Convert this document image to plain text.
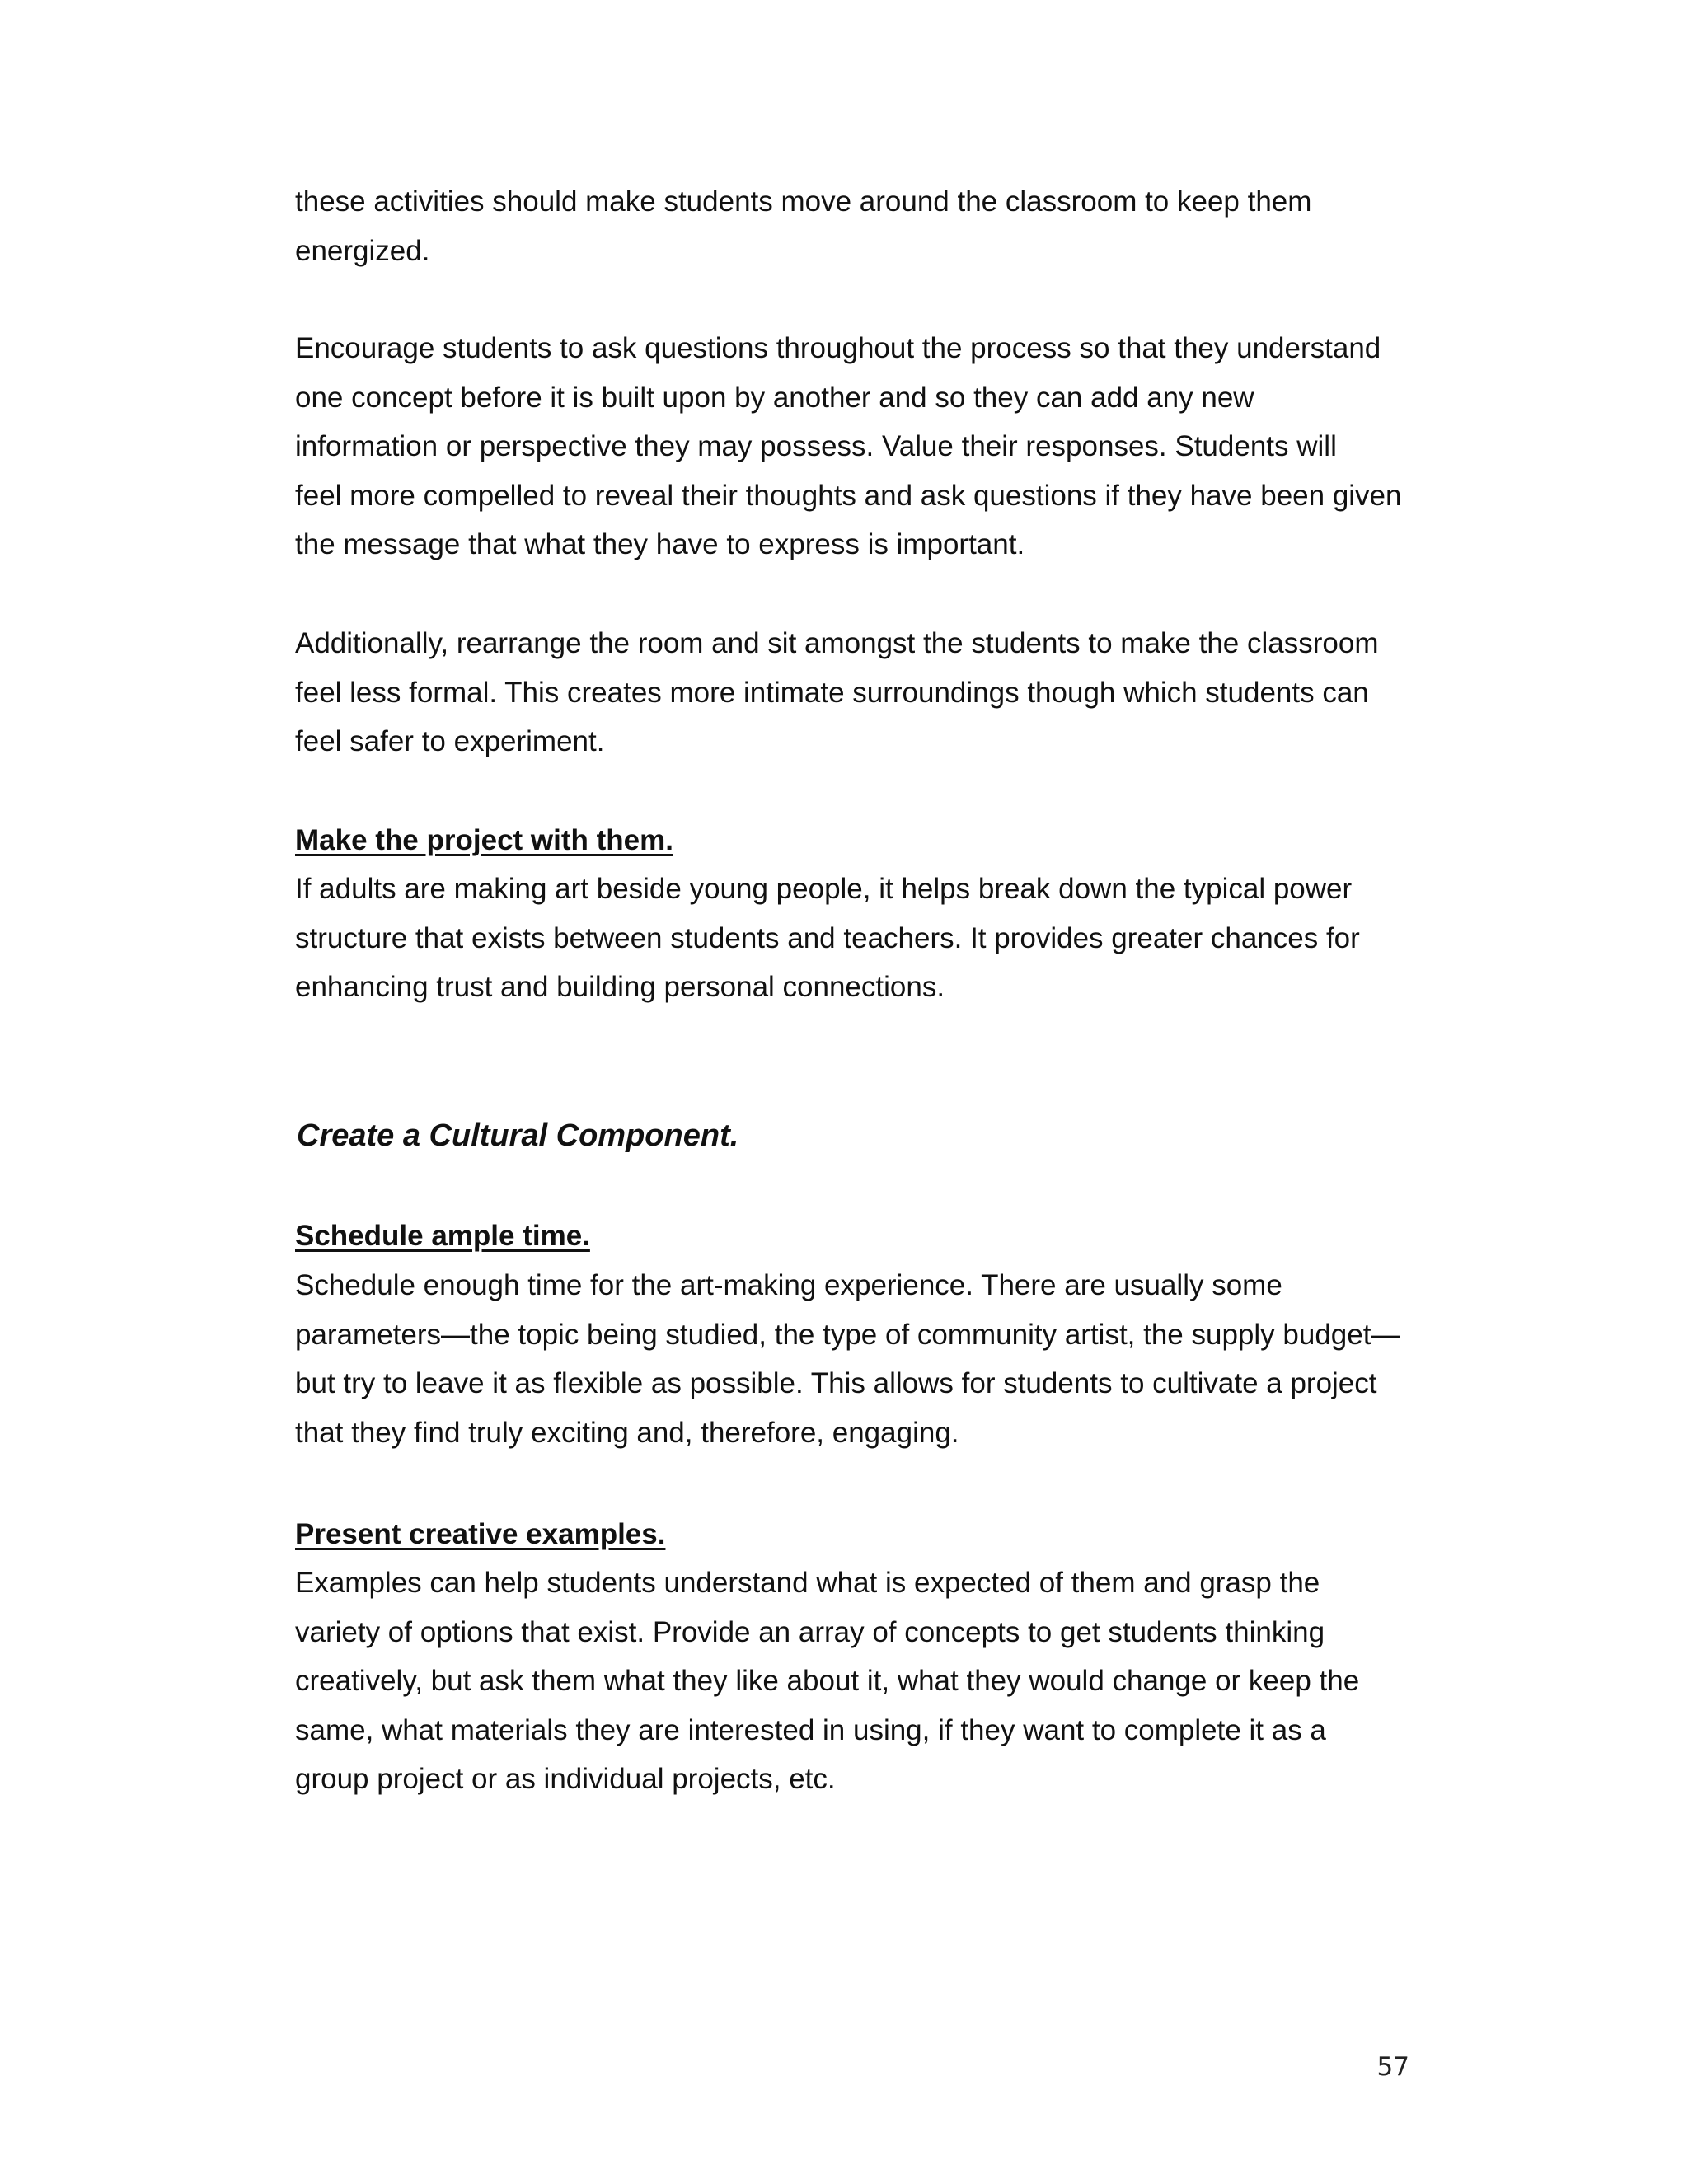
these activities should make students move around the classroom to keep them
energized.

Encourage students to ask questions throughout the process so that they understand
one concept before it is built upon by another and so they can add any new
information or perspective they may possess. Value their responses. Students will
feel more compelled to reveal their thoughts and ask questions if they have been given
the message that what they have to express is important.

Additionally, rearrange the room and sit amongst the students to make the classroom
feel less formal. This creates more intimate surroundings though which students can
feel safer to experiment.

Make the project with them.

If adults are making art beside young people, it helps break down the typical power
structure that exists between students and teachers. It provides greater chances for
enhancing trust and building personal connections.

Create a Cultural Component.
Schedule ample time.

Schedule enough time for the art-making experience. There are usually some
parameters—the topic being studied, the type of community artist, the supply budget—
but try to leave it as flexible as possible. This allows for students to cultivate a project
that they find truly exciting and, therefore, engaging.

Present creative examples.

Examples can help students understand what is expected of them and grasp the
variety of options that exist. Provide an array of concepts to get students thinking
creatively, but ask them what they like about it, what they would change or keep the
same, what materials they are interested in using, if they want to complete it as a
group project or as individual projects, etc.

57
